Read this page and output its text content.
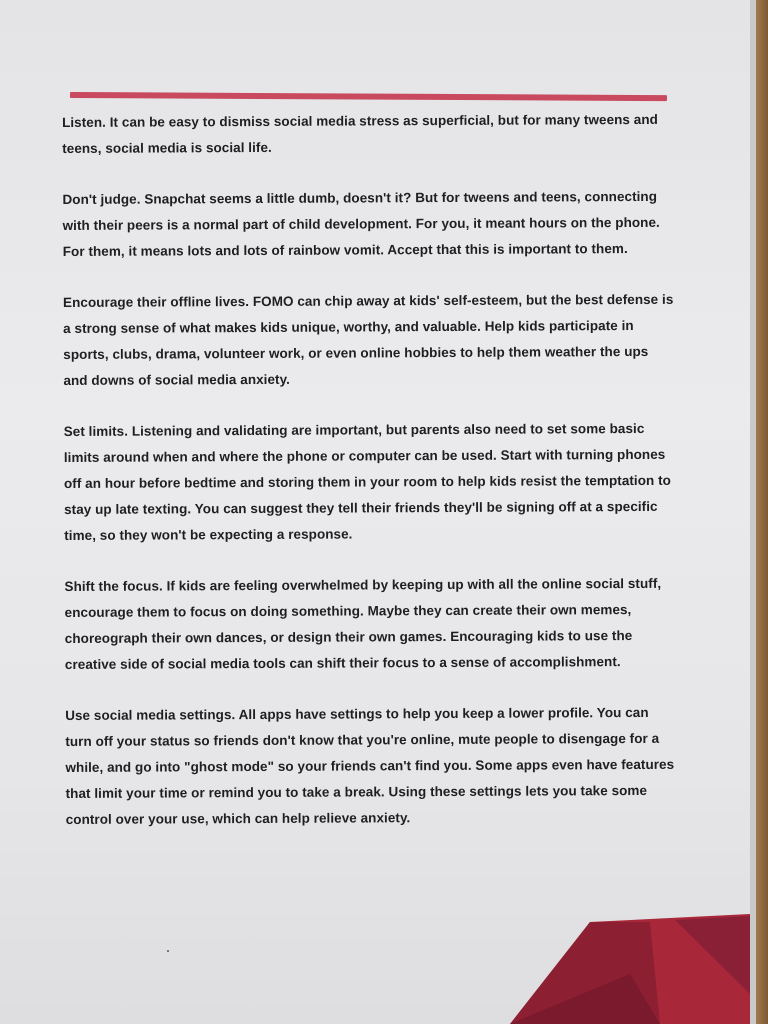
Listen. It can be easy to dismiss social media stress as superficial, but for many tweens and teens, social media is social life.

Don't judge. Snapchat seems a little dumb, doesn't it? But for tweens and teens, connecting with their peers is a normal part of child development. For you, it meant hours on the phone. For them, it means lots and lots of rainbow vomit. Accept that this is important to them.

Encourage their offline lives. FOMO can chip away at kids' self-esteem, but the best defense is a strong sense of what makes kids unique, worthy, and valuable. Help kids participate in sports, clubs, drama, volunteer work, or even online hobbies to help them weather the ups and downs of social media anxiety.

Set limits. Listening and validating are important, but parents also need to set some basic limits around when and where the phone or computer can be used. Start with turning phones off an hour before bedtime and storing them in your room to help kids resist the temptation to stay up late texting. You can suggest they tell their friends they'll be signing off at a specific time, so they won't be expecting a response.

Shift the focus. If kids are feeling overwhelmed by keeping up with all the online social stuff, encourage them to focus on doing something. Maybe they can create their own memes, choreograph their own dances, or design their own games. Encouraging kids to use the creative side of social media tools can shift their focus to a sense of accomplishment.

Use social media settings. All apps have settings to help you keep a lower profile. You can turn off your status so friends don't know that you're online, mute people to disengage for a while, and go into "ghost mode" so your friends can't find you. Some apps even have features that limit your time or remind you to take a break. Using these settings lets you take some control over your use, which can help relieve anxiety.
